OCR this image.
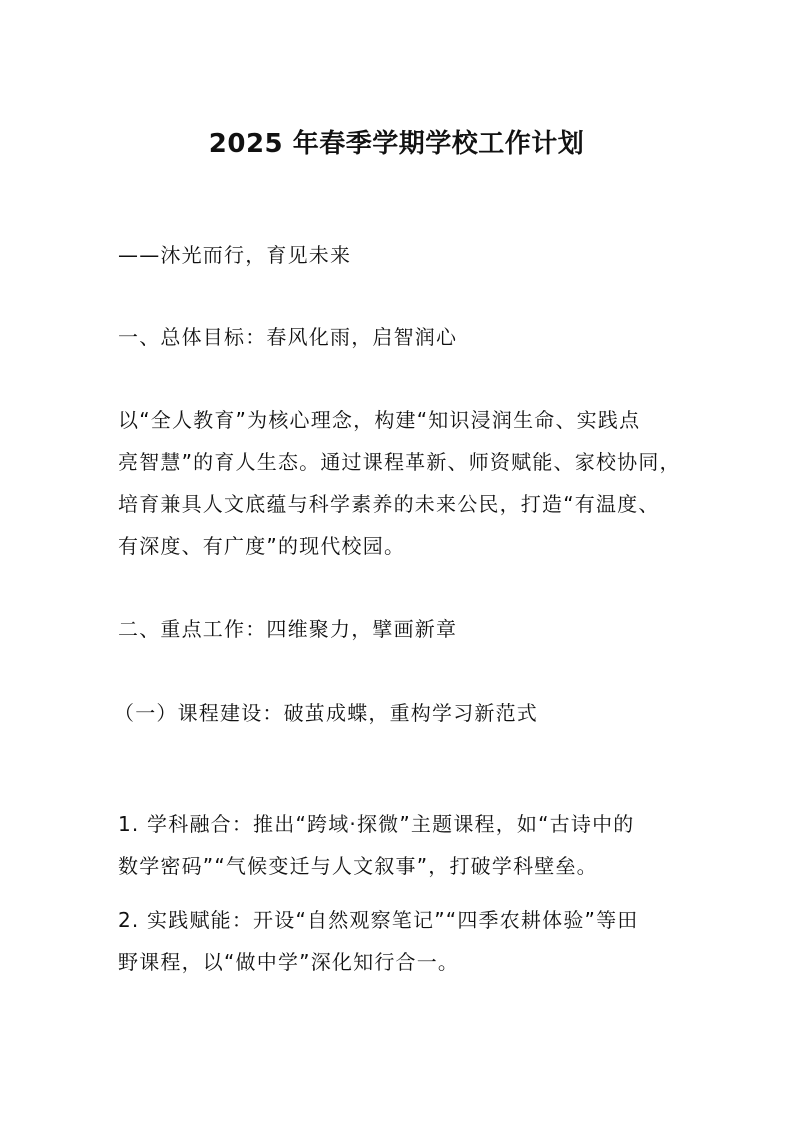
2025 年春季学期学校工作计划
——沐光而行，育见未来
一、总体目标：春风化雨，启智润心
以“全人教育”为核心理念，构建“知识浸润生命、实践点
亮智慧”的育人生态。通过课程革新、师资赋能、家校协同，
培育兼具人文底蕴与科学素养的未来公民，打造“有温度、
有深度、有广度”的现代校园。
二、重点工作：四维聚力，擘画新章
（一）课程建设：破茧成蝶，重构学习新范式
1. 学科融合：推出“跨域·探微”主题课程，如“古诗中的
数学密码”“气候变迁与人文叙事”，打破学科壁垒。
2. 实践赋能：开设“自然观察笔记”“四季农耕体验”等田
野课程，以“做中学”深化知行合一。
